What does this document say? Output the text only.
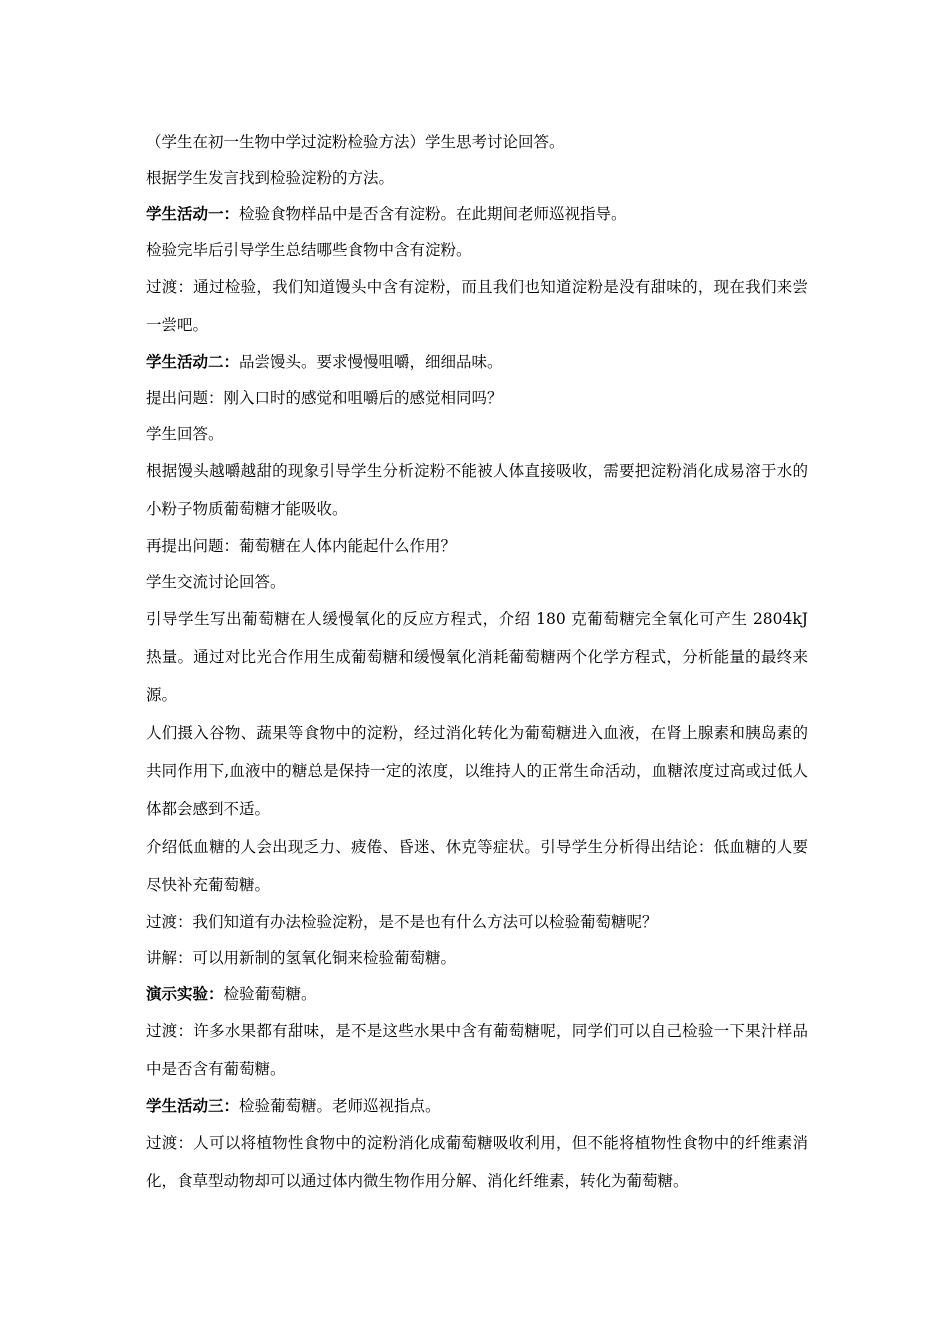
（学生在初一生物中学过淀粉检验方法）学生思考讨论回答。

根据学生发言找到检验淀粉的方法。

学生活动一：检验食物样品中是否含有淀粉。在此期间老师巡视指导。

检验完毕后引导学生总结哪些食物中含有淀粉。

过渡：通过检验，我们知道馒头中含有淀粉，而且我们也知道淀粉是没有甜味的，现在我们来尝一尝吧。

学生活动二：品尝馒头。要求慢慢咀嚼，细细品味。

提出问题：刚入口时的感觉和咀嚼后的感觉相同吗？

学生回答。

根据馒头越嚼越甜的现象引导学生分析淀粉不能被人体直接吸收，需要把淀粉消化成易溶于水的小粉子物质葡萄糖才能吸收。

再提出问题：葡萄糖在人体内能起什么作用？

学生交流讨论回答。

引导学生写出葡萄糖在人缓慢氧化的反应方程式，介绍 180 克葡萄糖完全氧化可产生 2804kJ 热量。通过对比光合作用生成葡萄糖和缓慢氧化消耗葡萄糖两个化学方程式，分析能量的最终来源。

人们摄入谷物、蔬果等食物中的淀粉，经过消化转化为葡萄糖进入血液，在肾上腺素和胰岛素的共同作用下,血液中的糖总是保持一定的浓度，以维持人的正常生命活动，血糖浓度过高或过低人体都会感到不适。

介绍低血糖的人会出现乏力、疲倦、昏迷、休克等症状。引导学生分析得出结论：低血糖的人要尽快补充葡萄糖。

过渡：我们知道有办法检验淀粉，是不是也有什么方法可以检验葡萄糖呢？

讲解：可以用新制的氢氧化铜来检验葡萄糖。

演示实验：检验葡萄糖。

过渡：许多水果都有甜味，是不是这些水果中含有葡萄糖呢，同学们可以自己检验一下果汁样品中是否含有葡萄糖。

学生活动三：检验葡萄糖。老师巡视指点。

过渡：人可以将植物性食物中的淀粉消化成葡萄糖吸收利用，但不能将植物性食物中的纤维素消化，食草型动物却可以通过体内微生物作用分解、消化纤维素，转化为葡萄糖。
